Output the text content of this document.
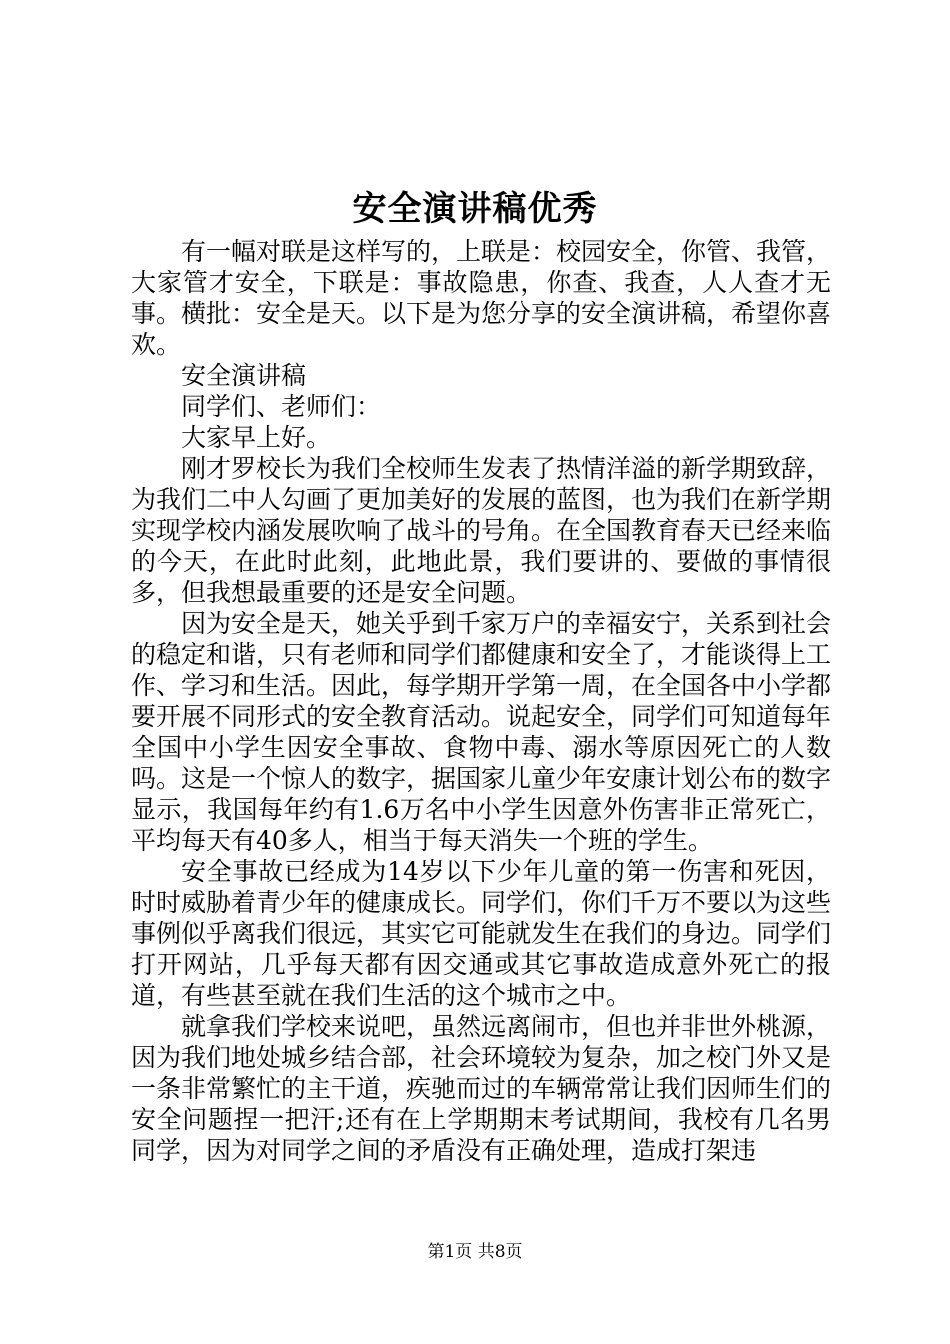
安全演讲稿优秀

有一幅对联是这样写的，上联是：校园安全，你管、我管，大家管才安全，下联是：事故隐患，你查、我查，人人查才无事。横批：安全是天。以下是为您分享的安全演讲稿，希望你喜欢。

安全演讲稿

同学们、老师们：

大家早上好。

刚才罗校长为我们全校师生发表了热情洋溢的新学期致辞，为我们二中人勾画了更加美好的发展的蓝图，也为我们在新学期实现学校内涵发展吹响了战斗的号角。在全国教育春天已经来临的今天，在此时此刻，此地此景，我们要讲的、要做的事情很多，但我想最重要的还是安全问题。

因为安全是天，她关乎到千家万户的幸福安宁，关系到社会的稳定和谐，只有老师和同学们都健康和安全了，才能谈得上工作、学习和生活。因此，每学期开学第一周，在全国各中小学都要开展不同形式的安全教育活动。说起安全，同学们可知道每年全国中小学生因安全事故、食物中毒、溺水等原因死亡的人数吗。这是一个惊人的数字，据国家儿童少年安康计划公布的数字显示，我国每年约有1.6万名中小学生因意外伤害非正常死亡，平均每天有40多人，相当于每天消失一个班的学生。

安全事故已经成为14岁以下少年儿童的第一伤害和死因，时时威胁着青少年的健康成长。同学们，你们千万不要以为这些事例似乎离我们很远，其实它可能就发生在我们的身边。同学们打开网站，几乎每天都有因交通或其它事故造成意外死亡的报道，有些甚至就在我们生活的这个城市之中。

就拿我们学校来说吧，虽然远离闹市，但也并非世外桃源，因为我们地处城乡结合部，社会环境较为复杂，加之校门外又是一条非常繁忙的主干道，疾驰而过的车辆常常让我们因师生们的安全问题捏一把汗;还有在上学期期末考试期间，我校有几名男同学，因为对同学之间的矛盾没有正确处理，造成打架违

第1页 共8页
